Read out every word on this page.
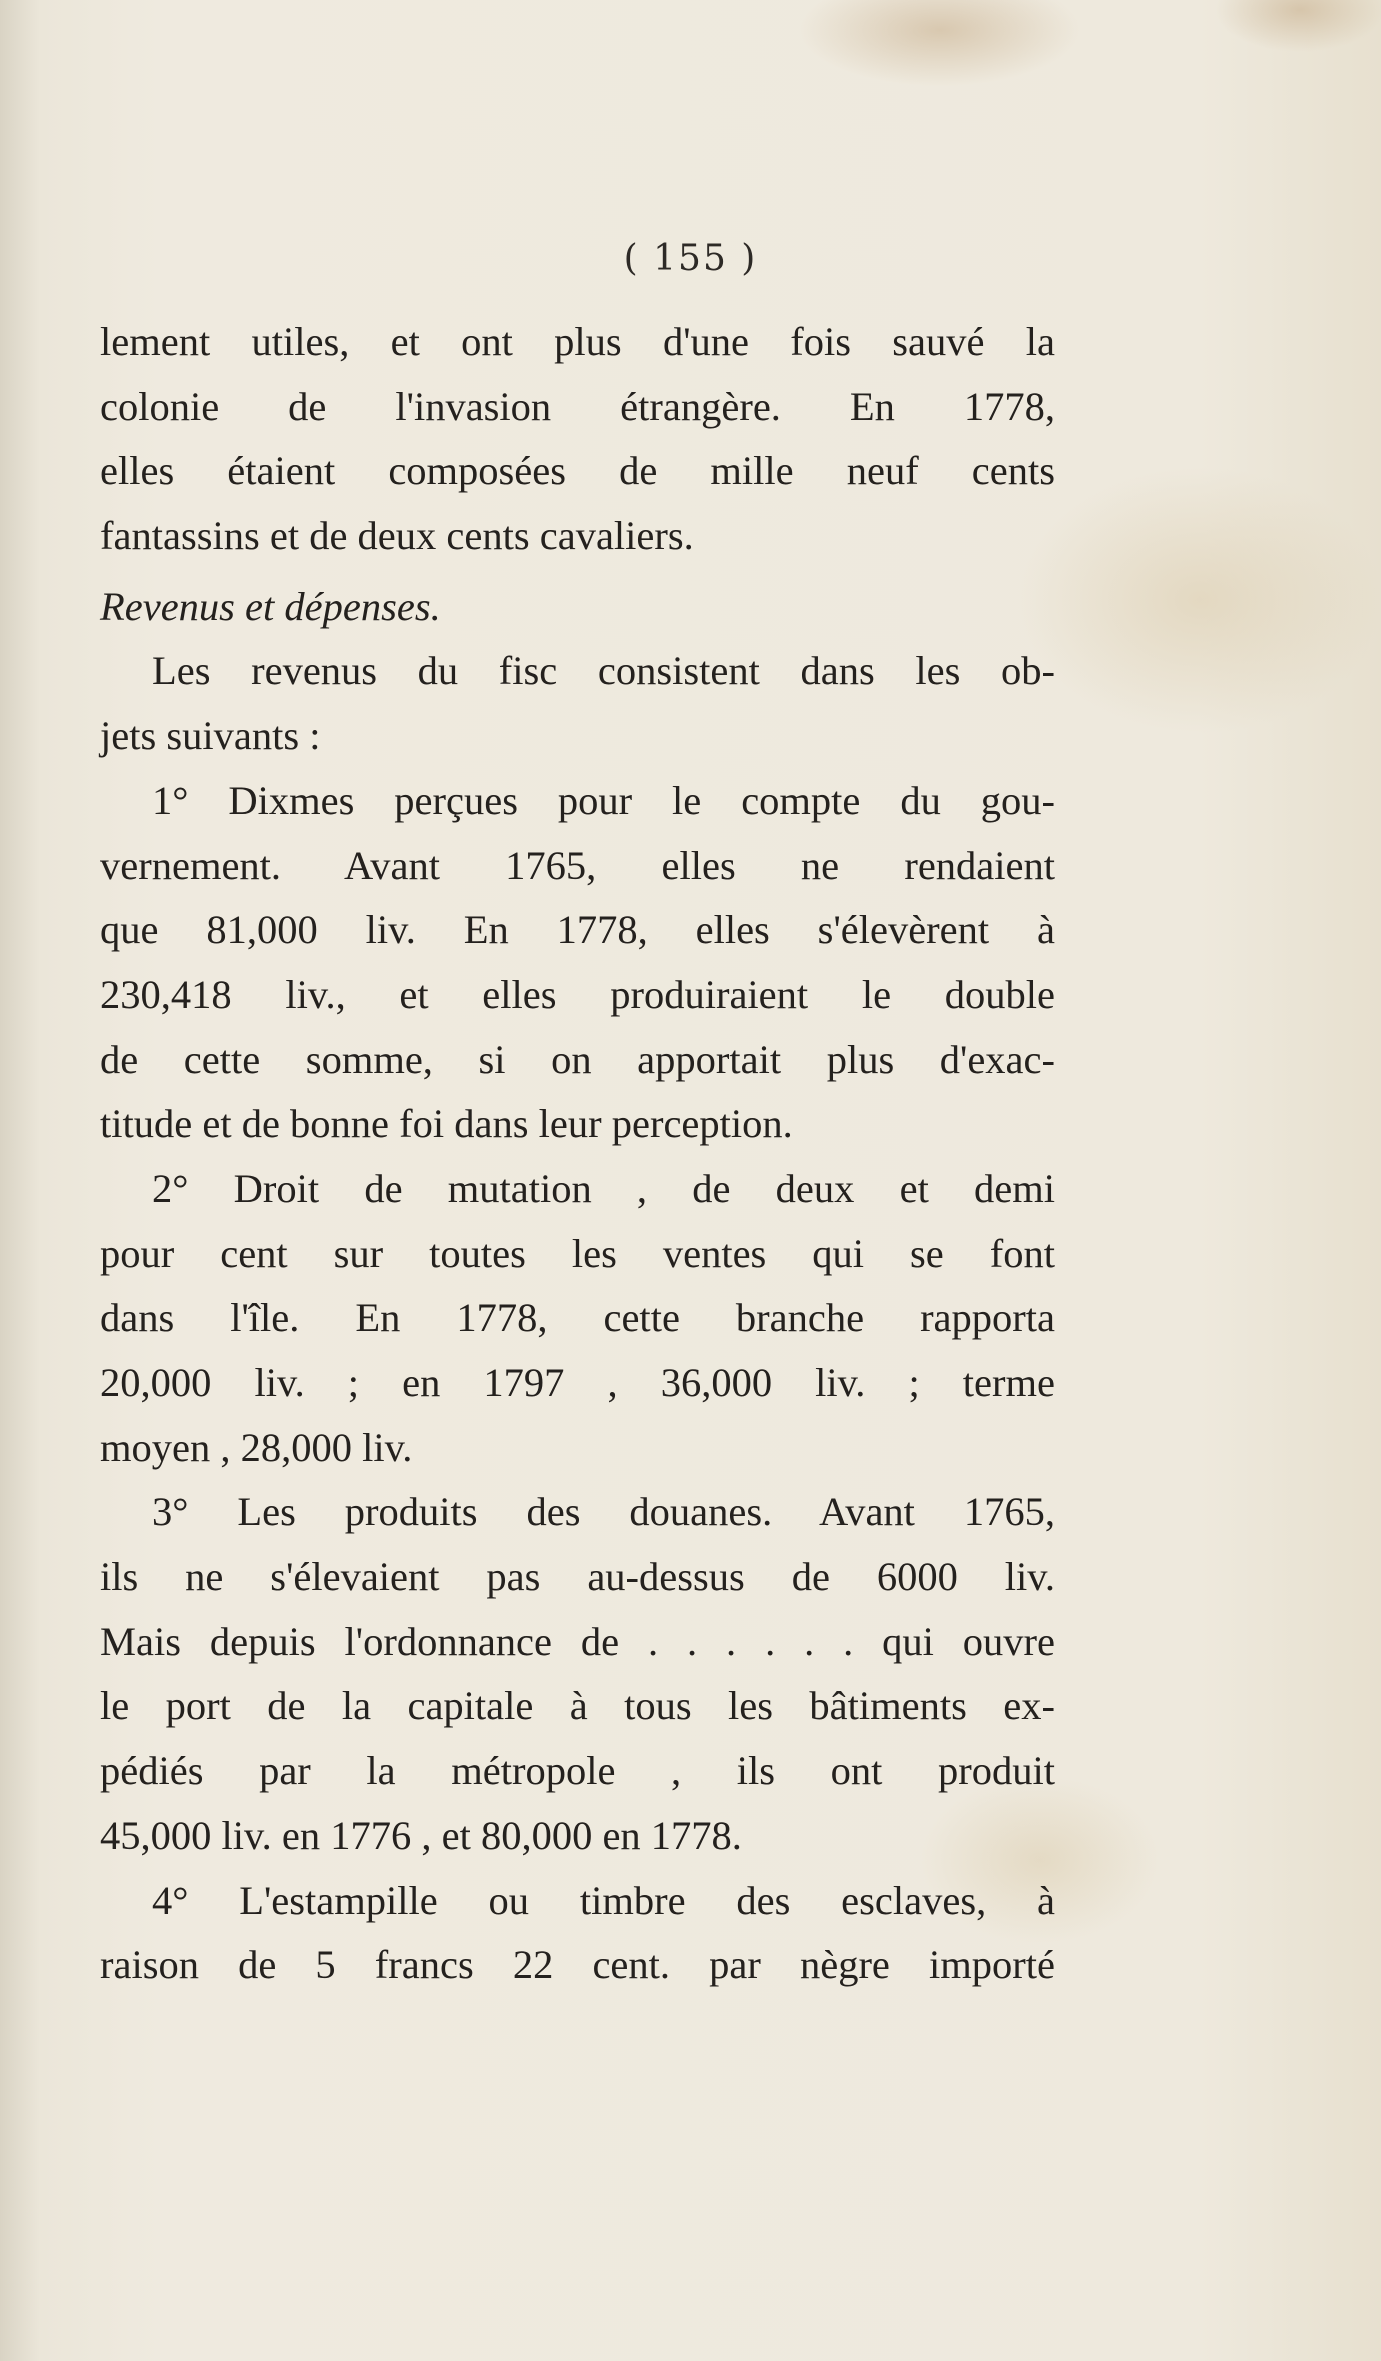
( 155 )
lement utiles, et ont plus d'une fois sauvé la
colonie de l'invasion étrangère. En 1778,
elles étaient composées de mille neuf cents
fantassins et de deux cents cavaliers.
Revenus et dépenses.
Les revenus du fisc consistent dans les ob-
jets suivants :
1° Dixmes perçues pour le compte du gou-
vernement. Avant 1765, elles ne rendaient
que 81,000 liv. En 1778, elles s'élevèrent à
230,418 liv., et elles produiraient le double
de cette somme, si on apportait plus d'exac-
titude et de bonne foi dans leur perception.
2° Droit de mutation , de deux et demi
pour cent sur toutes les ventes qui se font
dans l'île. En 1778, cette branche rapporta
20,000 liv. ; en 1797 , 36,000 liv. ; terme
moyen , 28,000 liv.
3° Les produits des douanes. Avant 1765,
ils ne s'élevaient pas au-dessus de 6000 liv.
Mais depuis l'ordonnance de . . . . . . qui ouvre
le port de la capitale à tous les bâtiments ex-
pédiés par la métropole , ils ont produit
45,000 liv. en 1776 , et 80,000 en 1778.
4° L'estampille ou timbre des esclaves, à
raison de 5 francs 22 cent. par nègre importé
